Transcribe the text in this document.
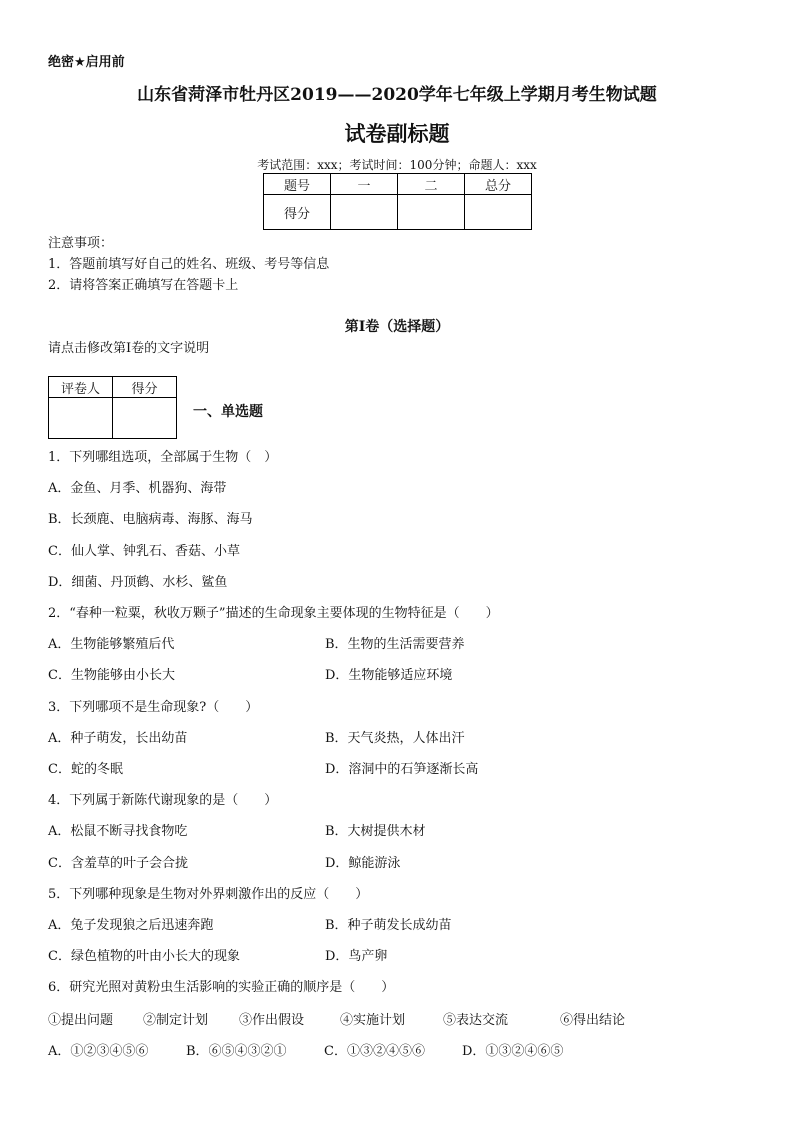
绝密★启用前
山东省菏泽市牡丹区2019——2020学年七年级上学期月考生物试题
试卷副标题
考试范围：xxx；考试时间：100分钟；命题人：xxx
题号	一	二	总分
得分			
注意事项：
1．答题前填写好自己的姓名、班级、考号等信息
2．请将答案正确填写在答题卡上
第I卷（选择题）
请点击修改第I卷的文字说明
评卷人	得分

一、单选题
1．下列哪组选项，全部属于生物（　）
A．金鱼、月季、机器狗、海带
B．长颈鹿、电脑病毒、海豚、海马
C．仙人掌、钟乳石、香菇、小草
D．细菌、丹顶鹤、水杉、鲨鱼
2．“春种一粒粟，秋收万颗子”描述的生命现象主要体现的生物特征是（　　）
A．生物能够繁殖后代	B．生物的生活需要营养
C．生物能够由小长大	D．生物能够适应环境
3．下列哪项不是生命现象?（　　）
A．种子萌发，长出幼苗	B．天气炎热，人体出汗
C．蛇的冬眠	D．溶洞中的石笋逐渐长高
4．下列属于新陈代谢现象的是（　　）
A．松鼠不断寻找食物吃	B．大树提供木材
C．含羞草的叶子会合拢	D．鲸能游泳
5．下列哪种现象是生物对外界刺激作出的反应（　　）
A．兔子发现狼之后迅速奔跑	B．种子萌发长成幼苗
C．绿色植物的叶由小长大的现象	D．鸟产卵
6．研究光照对黄粉虫生活影响的实验正确的顺序是（　　）
①提出问题 ②制定计划 ③作出假设	④实施计划	⑤表达交流	⑥得出结论
A．①②③④⑤⑥	B．⑥⑤④③②①	C．①③②④⑤⑥	D．①③②④⑥⑤
